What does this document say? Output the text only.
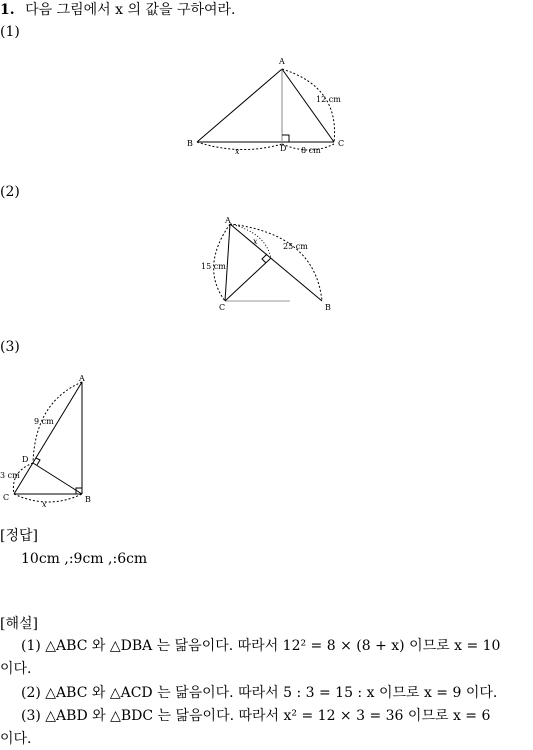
1. 다음 그림에서 x 의 값을 구하여라.
(1)
(2)
(3)
A
B	C
D
12 cm
8 cm
x
A
B
C
15 cm
25 cm
x
A
B
C
D
9 cm
3 cm
x
[정답]
10cm ,:9cm ,:6cm
[해설]
(1) △ABC 와 △DBA 는 닮음이다. 따라서 12² = 8 × (8 + x) 이므로 x = 10
이다.
(2) △ABC 와 △ACD 는 닮음이다. 따라서 5 : 3 = 15 : x 이므로 x = 9 이다.
(3) △ABD 와 △BDC 는 닮음이다. 따라서 x² = 12 × 3 = 36 이므로 x = 6
이다.
